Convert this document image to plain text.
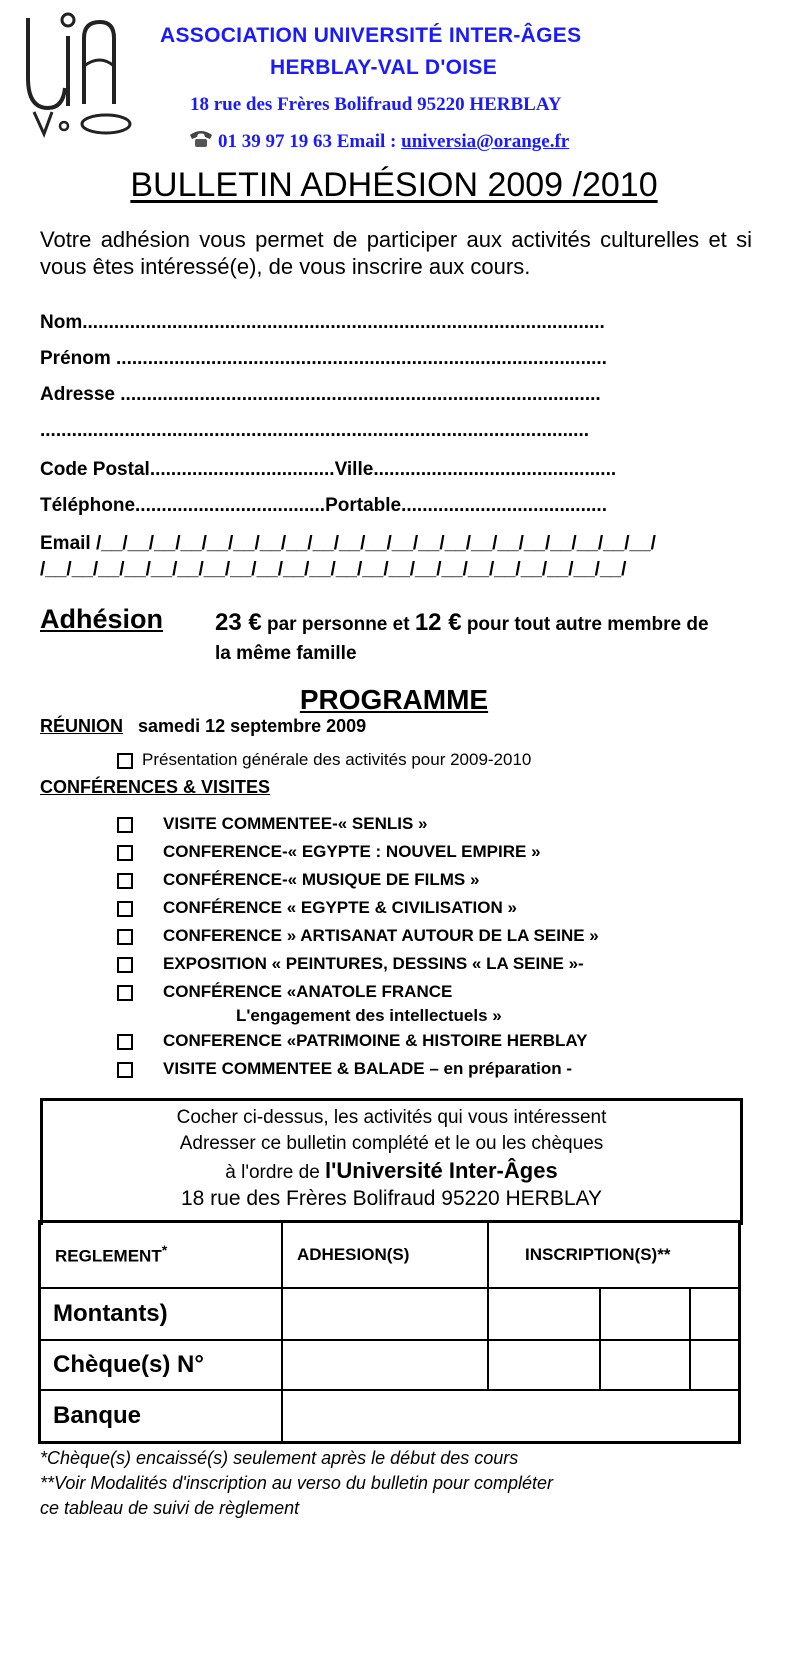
ASSOCIATION UNIVERSITÉ INTER-ÂGES
HERBLAY-VAL D'OISE
18 rue des Frères Bolifraud 95220 HERBLAY
01 39 97 19 63 Email : universia@orange.fr
BULLETIN ADHÉSION 2009 /2010
Votre adhésion vous permet de participer aux activités culturelles et si vous êtes intéressé(e), de vous inscrire aux cours.
Nom...................................................................................................
Prénom .............................................................................................
Adresse ...........................................................................................
........................................................................................................
Code Postal...................................Ville..............................................
Téléphone....................................Portable.......................................
Email /__/__/__/__/__/__/__/__/__/__/__/__/__/__/__/__/__/__/__/__/__/
/__/__/__/__/__/__/__/__/__/__/__/__/__/__/__/__/__/__/__/__/__/__/
Adhésion 23 € par personne et 12 € pour tout autre membre de la même famille
PROGRAMME
RÉUNION samedi 12 septembre 2009
Présentation générale des activités pour 2009-2010
CONFÉRENCES & VISITES
VISITE COMMENTEE-« SENLIS »
CONFERENCE-« EGYPTE : NOUVEL EMPIRE »
CONFÉRENCE-« MUSIQUE DE FILMS »
CONFÉRENCE « EGYPTE & CIVILISATION »
CONFERENCE » ARTISANAT AUTOUR DE LA SEINE »
EXPOSITION « PEINTURES, DESSINS « LA SEINE »-
CONFÉRENCE «ANATOLE FRANCE
L'engagement des intellectuels »
CONFERENCE «PATRIMOINE & HISTOIRE HERBLAY
VISITE COMMENTEE & BALADE – en préparation -
Cocher ci-dessus, les activités qui vous intéressent
Adresser ce bulletin complété et le ou les chèques
à l'ordre de l'Université Inter-Âges
18 rue des Frères Bolifraud 95220 HERBLAY
REGLEMENT*	ADHESION(S)	INSCRIPTION(S)**		
Montants)				
Chèque(s) N°				
Banque				
*Chèque(s) encaissé(s) seulement après le début des cours
**Voir Modalités d'inscription au verso du bulletin pour compléter
ce tableau de suivi de règlement
